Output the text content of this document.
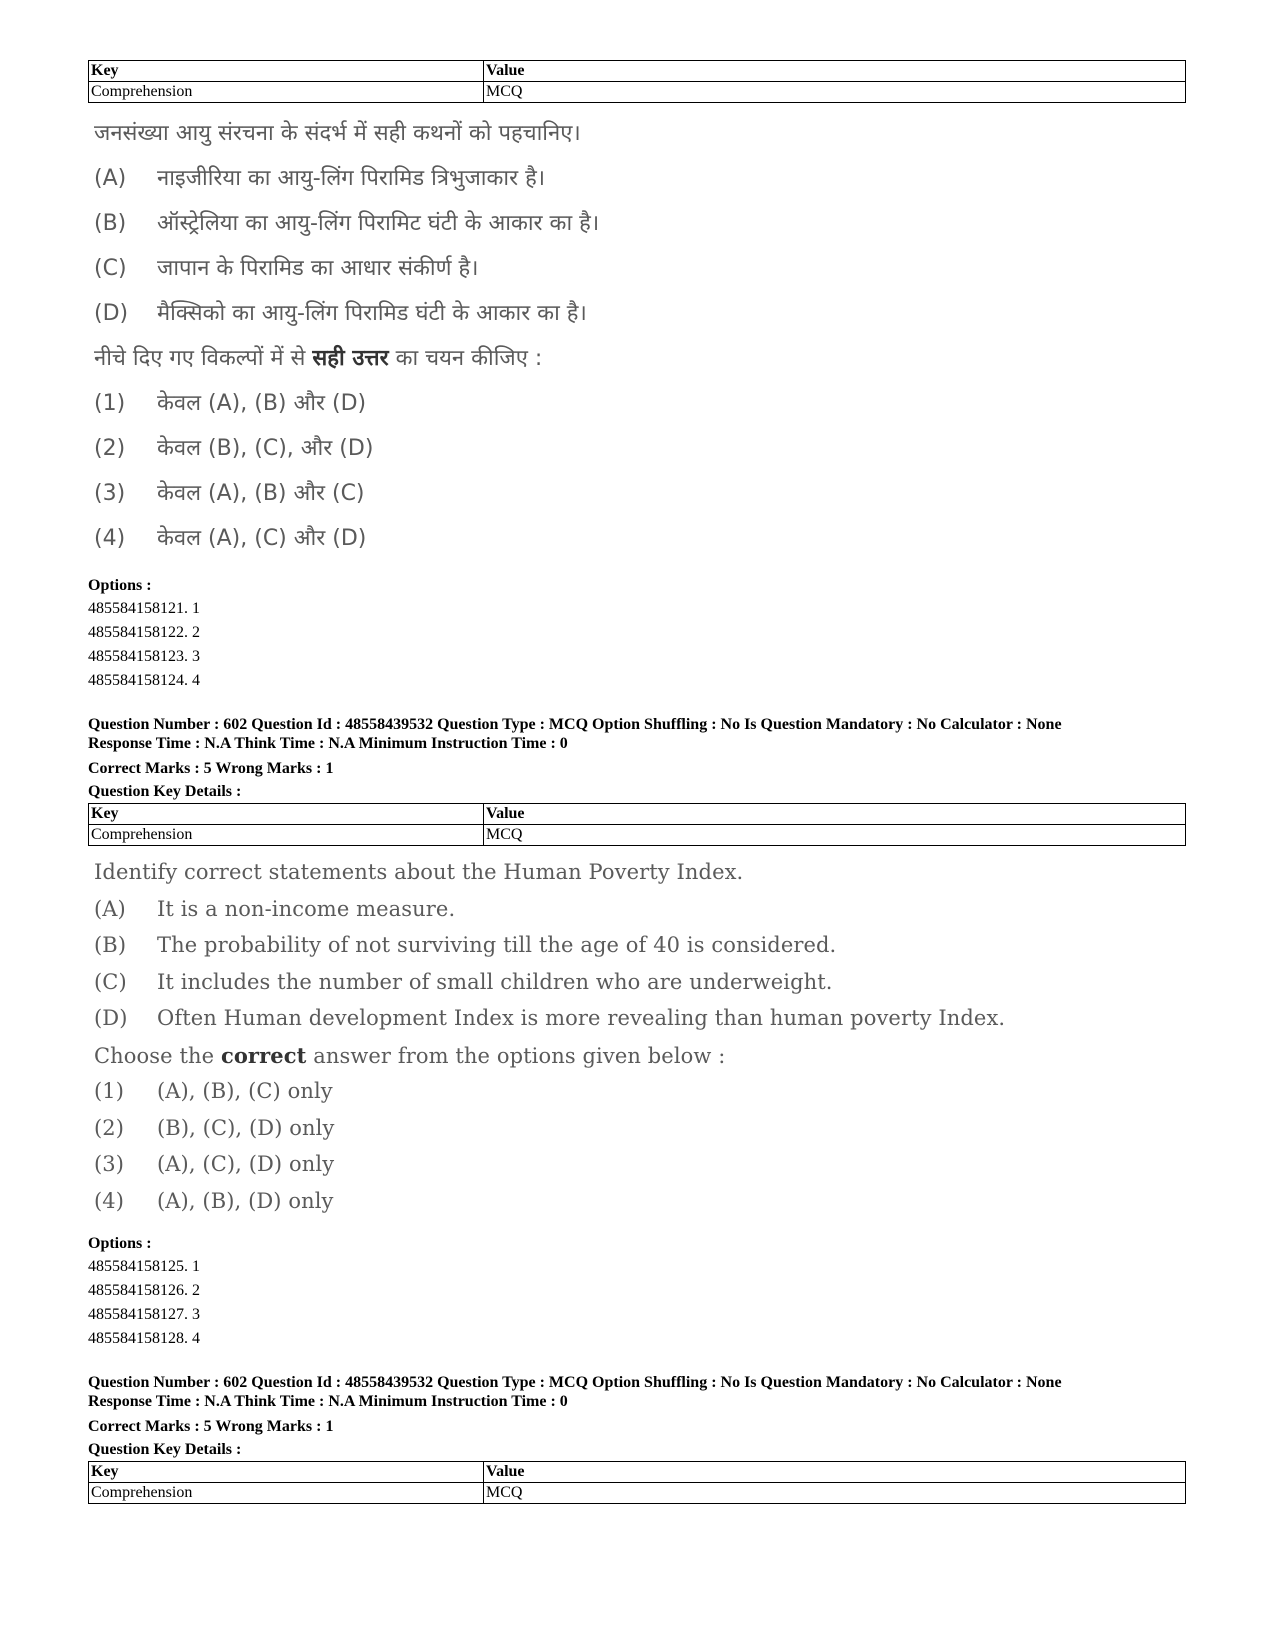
Key	Value
Comprehension	MCQ
जनसंख्या आयु संरचना के संदर्भ में सही कथनों को पहचानिए।
(A)	नाइजीरिया का आयु-लिंग पिरामिड त्रिभुजाकार है।
(B)	ऑस्ट्रेलिया का आयु-लिंग पिरामिट घंटी के आकार का है।
(C)	जापान के पिरामिड का आधार संकीर्ण है।
(D)	मैक्सिको का आयु-लिंग पिरामिड घंटी के आकार का है।
नीचे दिए गए विकल्पों में से सही उत्तर का चयन कीजिए :
(1)	केवल (A), (B) और (D)
(2)	केवल (B), (C), और (D)
(3)	केवल (A), (B) और (C)
(4)	केवल (A), (C) और (D)
Options :
485584158121. 1
485584158122. 2
485584158123. 3
485584158124. 4
Question Number : 602 Question Id : 48558439532 Question Type : MCQ Option Shuffling : No Is Question Mandatory : No Calculator : None
Response Time : N.A Think Time : N.A Minimum Instruction Time : 0
Correct Marks : 5 Wrong Marks : 1
Question Key Details :
Key	Value
Comprehension	MCQ
Identify correct statements about the Human Poverty Index.
(A)	It is a non-income measure.
(B)	The probability of not surviving till the age of 40 is considered.
(C)	It includes the number of small children who are underweight.
(D)	Often Human development Index is more revealing than human poverty Index.
Choose the correct answer from the options given below :
(1)	(A), (B), (C) only
(2)	(B), (C), (D) only
(3)	(A), (C), (D) only
(4)	(A), (B), (D) only
Options :
485584158125. 1
485584158126. 2
485584158127. 3
485584158128. 4
Question Number : 602 Question Id : 48558439532 Question Type : MCQ Option Shuffling : No Is Question Mandatory : No Calculator : None
Response Time : N.A Think Time : N.A Minimum Instruction Time : 0
Correct Marks : 5 Wrong Marks : 1
Question Key Details :
Key	Value
Comprehension	MCQ
